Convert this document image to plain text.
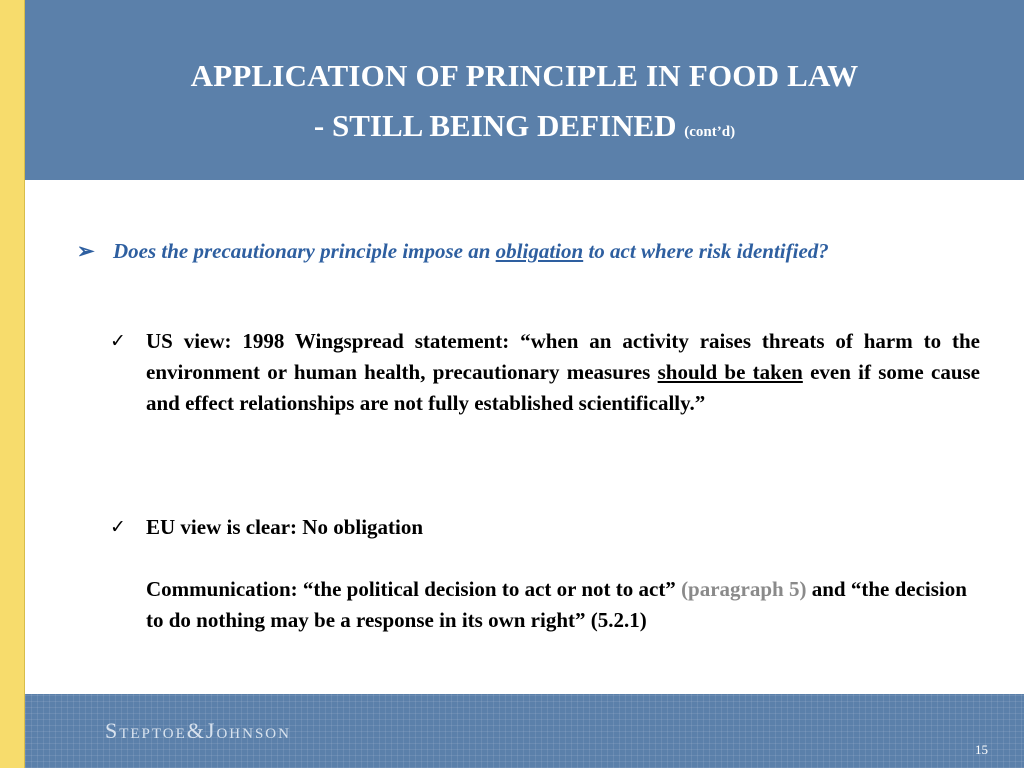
APPLICATION OF PRINCIPLE IN FOOD LAW
- STILL BEING DEFINED (cont’d)
➢ Does the precautionary principle impose an obligation to act where risk identified?
✓ US view: 1998 Wingspread statement: “when an activity raises threats of harm to the environment or human health, precautionary measures should be taken even if some cause and effect relationships are not fully established scientifically.”
✓ EU view is clear: No obligation
Communication: “the political decision to act or not to act” (paragraph 5) and “the decision to do nothing may be a response in its own right” (5.2.1)
Steptoe&Johnson
15
